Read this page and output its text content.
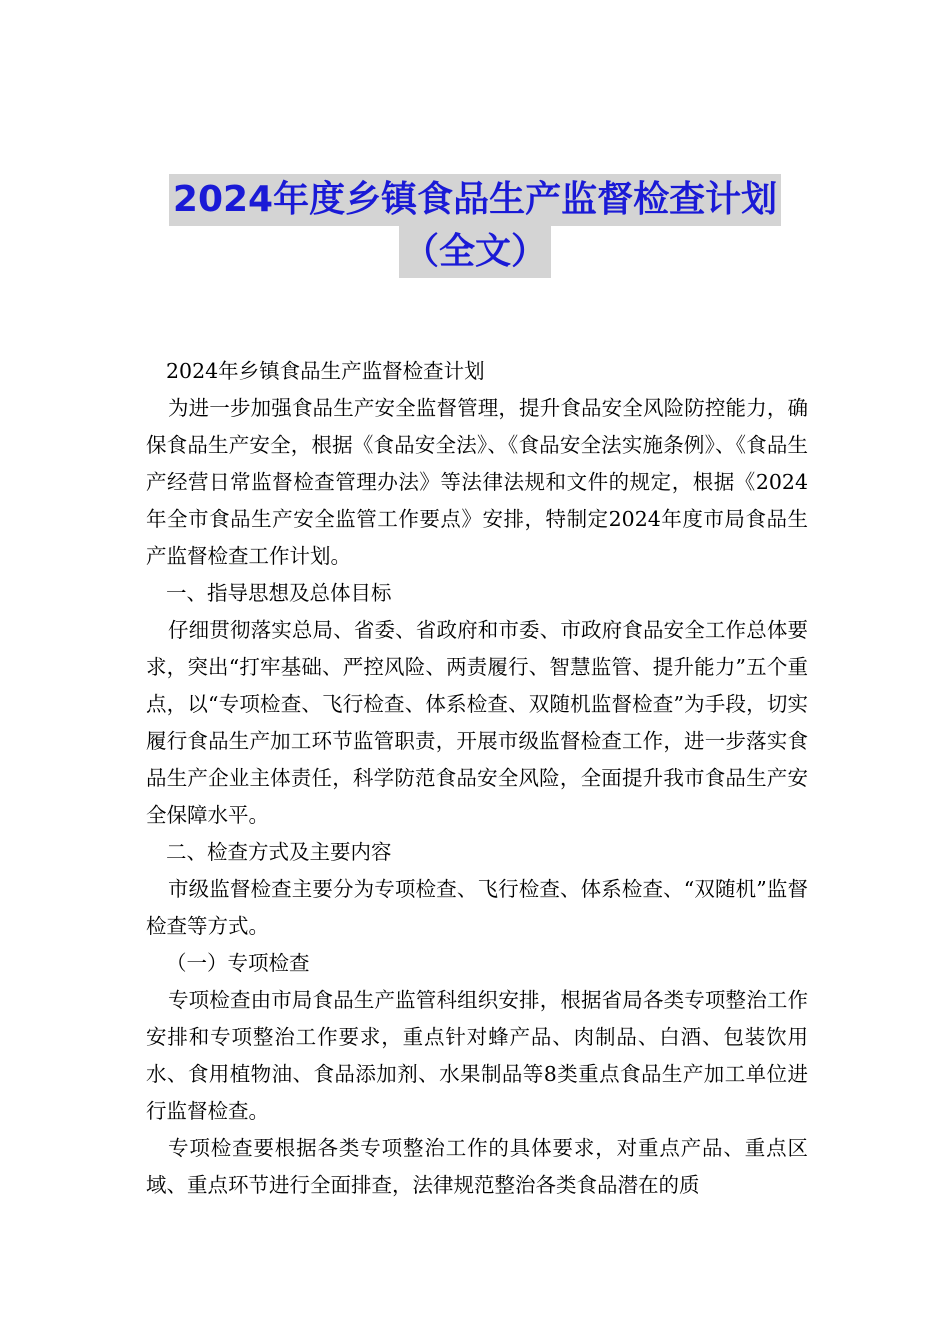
2024年度乡镇食品生产监督检查计划
（全文）

2024年乡镇食品生产监督检查计划

为进一步加强食品生产安全监督管理，提升食品安全风险防控能力，确保食品生产安全，根据《食品安全法》、《食品安全法实施条例》、《食品生产经营日常监督检查管理办法》等法律法规和文件的规定，根据《2024年全市食品生产安全监管工作要点》安排，特制定2024年度市局食品生产监督检查工作计划。

一、指导思想及总体目标

仔细贯彻落实总局、省委、省政府和市委、市政府食品安全工作总体要求，突出“打牢基础、严控风险、两责履行、智慧监管、提升能力”五个重点，以“专项检查、飞行检查、体系检查、双随机监督检查”为手段，切实履行食品生产加工环节监管职责，开展市级监督检查工作，进一步落实食品生产企业主体责任，科学防范食品安全风险，全面提升我市食品生产安全保障水平。

二、检查方式及主要内容

市级监督检查主要分为专项检查、飞行检查、体系检查、“双随机”监督检查等方式。

（一）专项检查

专项检查由市局食品生产监管科组织安排，根据省局各类专项整治工作安排和专项整治工作要求，重点针对蜂产品、肉制品、白酒、包装饮用水、食用植物油、食品添加剂、水果制品等8类重点食品生产加工单位进行监督检查。

专项检查要根据各类专项整治工作的具体要求，对重点产品、重点区域、重点环节进行全面排查，法律规范整治各类食品潜在的质
